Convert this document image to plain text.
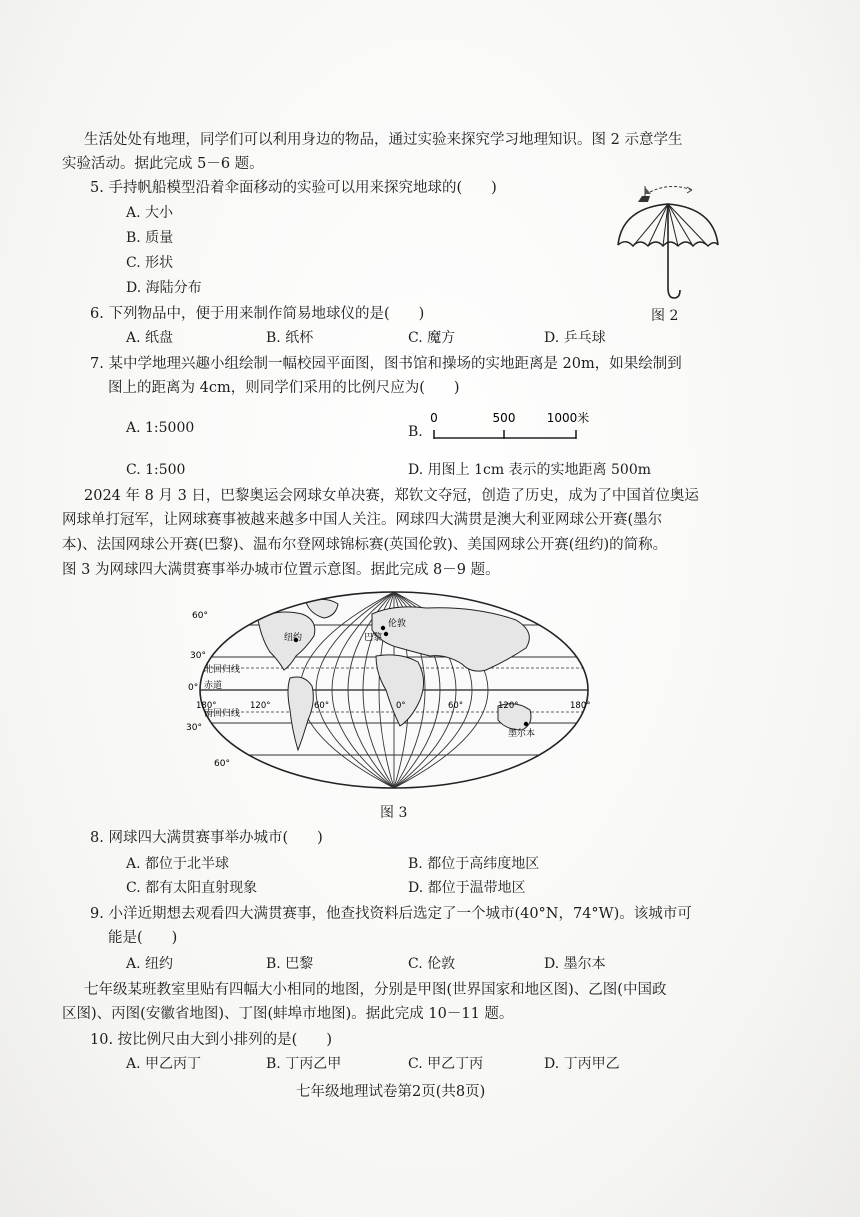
生活处处有地理，同学们可以利用身边的物品，通过实验来探究学习地理知识。图 2 示意学生
实验活动。据此完成 5－6 题。
5. 手持帆船模型沿着伞面移动的实验可以用来探究地球的(　　)
A. 大小
B. 质量
C. 形状
D. 海陆分布
图 2
6. 下列物品中，便于用来制作简易地球仪的是(　　)
A. 纸盘	B. 纸杯	C. 魔方	D. 乒乓球
7. 某中学地理兴趣小组绘制一幅校园平面图，图书馆和操场的实地距离是 20m，如果绘制到
图上的距离为 4cm，则同学们采用的比例尺应为(　　)
A. 1:5000	B.
0	500	1000米
C. 1:500	D. 用图上 1cm 表示的实地距离 500m
2024 年 8 月 3 日，巴黎奥运会网球女单决赛，郑钦文夺冠，创造了历史，成为了中国首位奥运
网球单打冠军，让网球赛事被越来越多中国人关注。网球四大满贯是澳大利亚网球公开赛(墨尔
本)、法国网球公开赛(巴黎)、温布尔登网球锦标赛(英国伦敦)、美国网球公开赛(纽约)的简称。
图 3 为网球四大满贯赛事举办城市位置示意图。据此完成 8－9 题。
60°
30°
0°
30°
60°
北回归线
赤道
南回归线
180°	120°	60°	0°	60°	120°	180°
纽约	巴黎
伦敦
墨尔本
图 3
8. 网球四大满贯赛事举办城市(　　)
A. 都位于北半球	B. 都位于高纬度地区
C. 都有太阳直射现象	D. 都位于温带地区
9. 小洋近期想去观看四大满贯赛事，他查找资料后选定了一个城市(40°N，74°W)。该城市可
能是(　　)
A. 纽约	B. 巴黎	C. 伦敦	D. 墨尔本
七年级某班教室里贴有四幅大小相同的地图，分别是甲图(世界国家和地区图)、乙图(中国政
区图)、丙图(安徽省地图)、丁图(蚌埠市地图)。据此完成 10－11 题。
10. 按比例尺由大到小排列的是(　　)
A. 甲乙丙丁	B. 丁丙乙甲	C. 甲乙丁丙	D. 丁丙甲乙
七年级地理试卷第2页(共8页)
